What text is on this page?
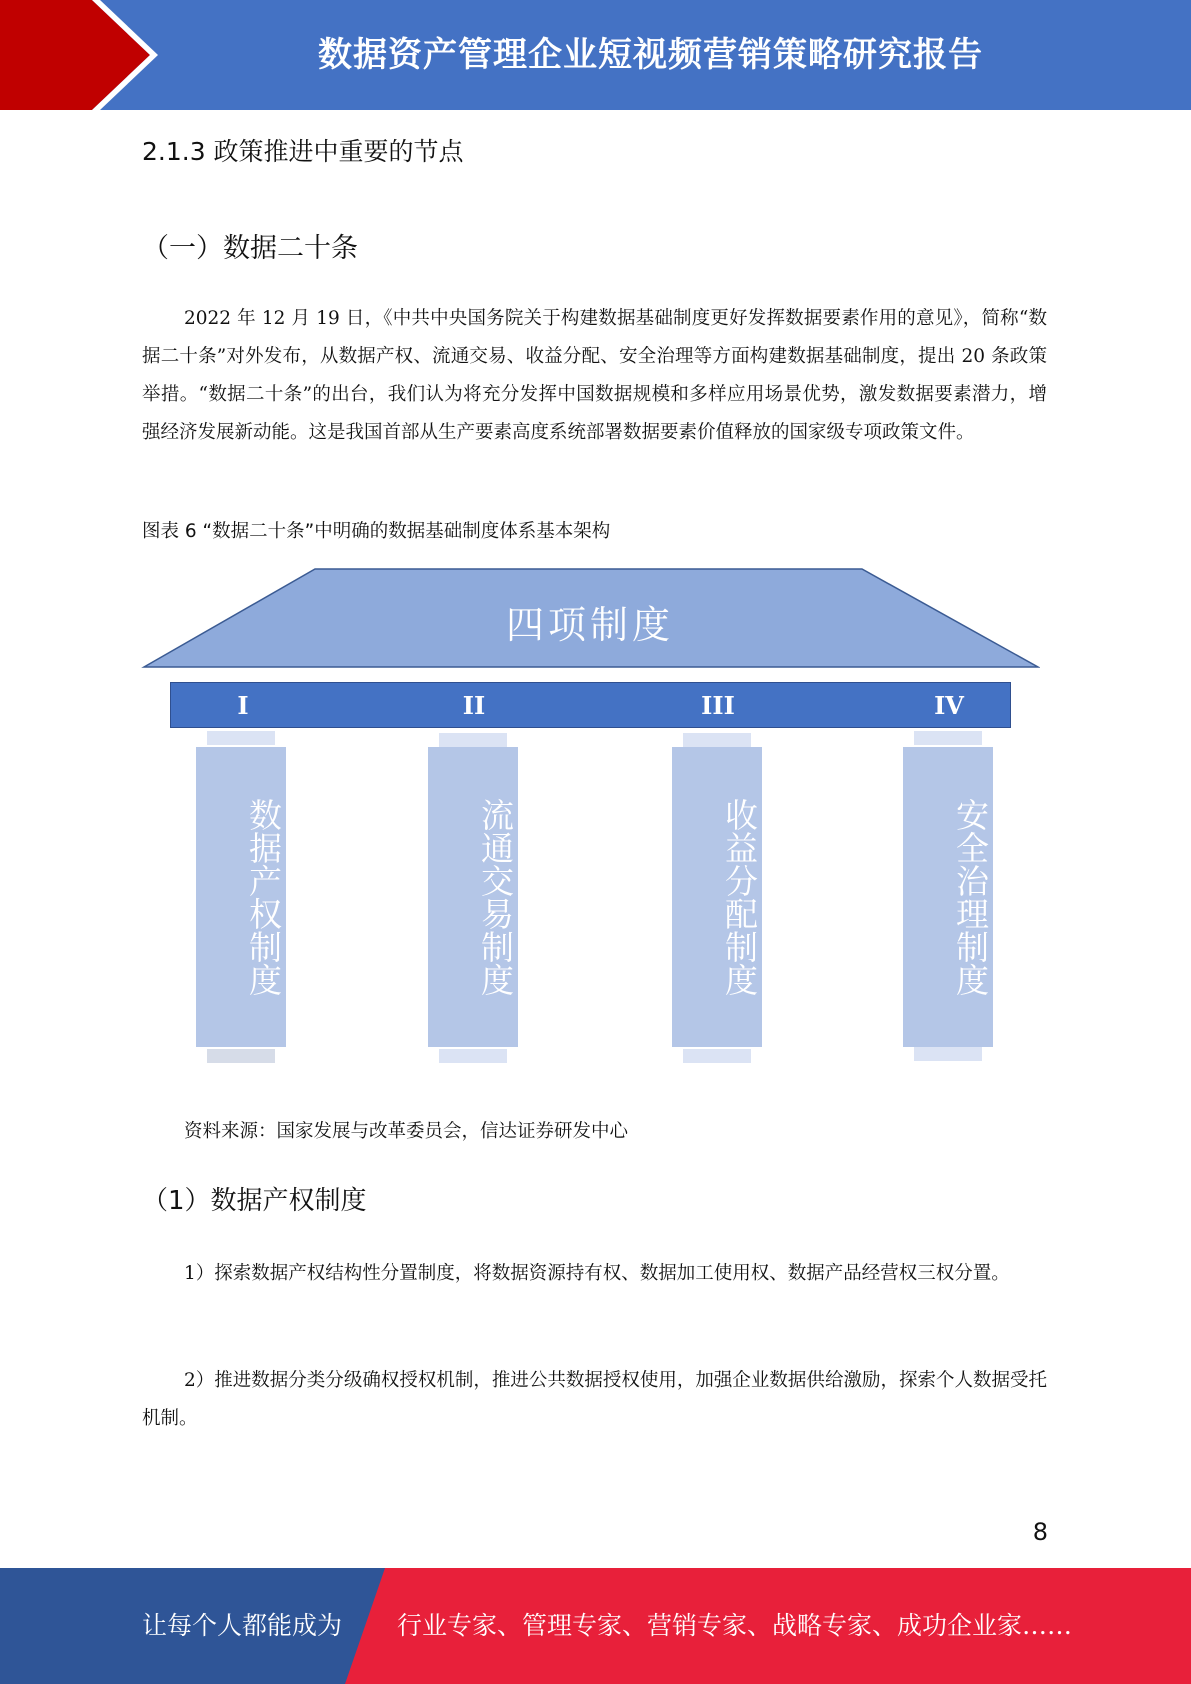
数据资产管理企业短视频营销策略研究报告
2.1.3 政策推进中重要的节点
（一）数据二十条
2022 年 12 月 19 日，《中共中央国务院关于构建数据基础制度更好发挥数据要素作用的意见》，简称“数据二十条”对外发布，从数据产权、流通交易、收益分配、安全治理等方面构建数据基础制度，提出 20 条政策举措。“数据二十条”的出台，我们认为将充分发挥中国数据规模和多样应用场景优势，激发数据要素潜力，增强经济发展新动能。这是我国首部从生产要素高度系统部署数据要素价值释放的国家级专项政策文件。
图表 6 “数据二十条”中明确的数据基础制度体系基本架构
四项制度
I	II	III	IV
数据产权制度	流通交易制度	收益分配制度	安全治理制度
资料来源：国家发展与改革委员会，信达证券研发中心
（1）数据产权制度
1）探索数据产权结构性分置制度，将数据资源持有权、数据加工使用权、数据产品经营权三权分置。
2）推进数据分类分级确权授权机制，推进公共数据授权使用，加强企业数据供给激励，探索个人数据受托机制。
8
让每个人都能成为 行业专家、管理专家、营销专家、战略专家、成功企业家……
